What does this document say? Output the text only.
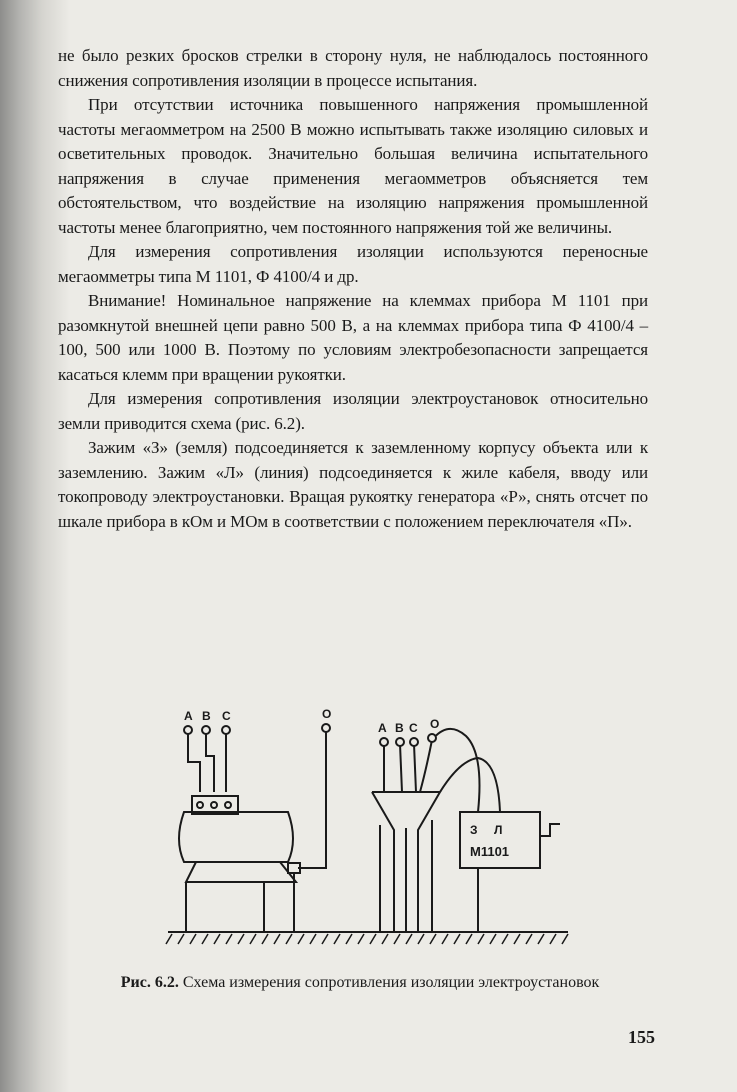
не было резких бросков стрелки в сторону нуля, не наблюдалось постоянного снижения сопротивления изоляции в процессе испытания.

При отсутствии источника повышенного напряжения промышленной частоты мегаомметром на 2500 В можно испытывать также изоляцию силовых и осветительных проводок. Значительно большая величина испытательного напряжения в случае применения мегаомметров объясняется тем обстоятельством, что воздействие на изоляцию напряжения промышленной частоты менее благоприятно, чем постоянного напряжения той же величины.

Для измерения сопротивления изоляции используются переносные мегаомметры типа М 1101, Ф 4100/4 и др.

Внимание! Номинальное напряжение на клеммах прибора М 1101 при разомкнутой внешней цепи равно 500 В, а на клеммах прибора типа Ф 4100/4 – 100, 500 или 1000 В. Поэтому по условиям электробезопасности запрещается касаться клемм при вращении рукоятки.

Для измерения сопротивления изоляции электроустановок относительно земли приводится схема (рис. 6.2).

Зажим «З» (земля) подсоединяется к заземленному корпусу объекта или к заземлению. Зажим «Л» (линия) подсоединяется к жиле кабеля, вводу или токопроводу электроустановки. Вращая рукоятку генератора «Р», снять отсчет по шкале прибора в кОм и МОм в соответствии с положением переключателя «П».

А В С	О
А В С О
З Л
М1101
Рис. 6.2. Схема измерения сопротивления изоляции электроустановок
155
